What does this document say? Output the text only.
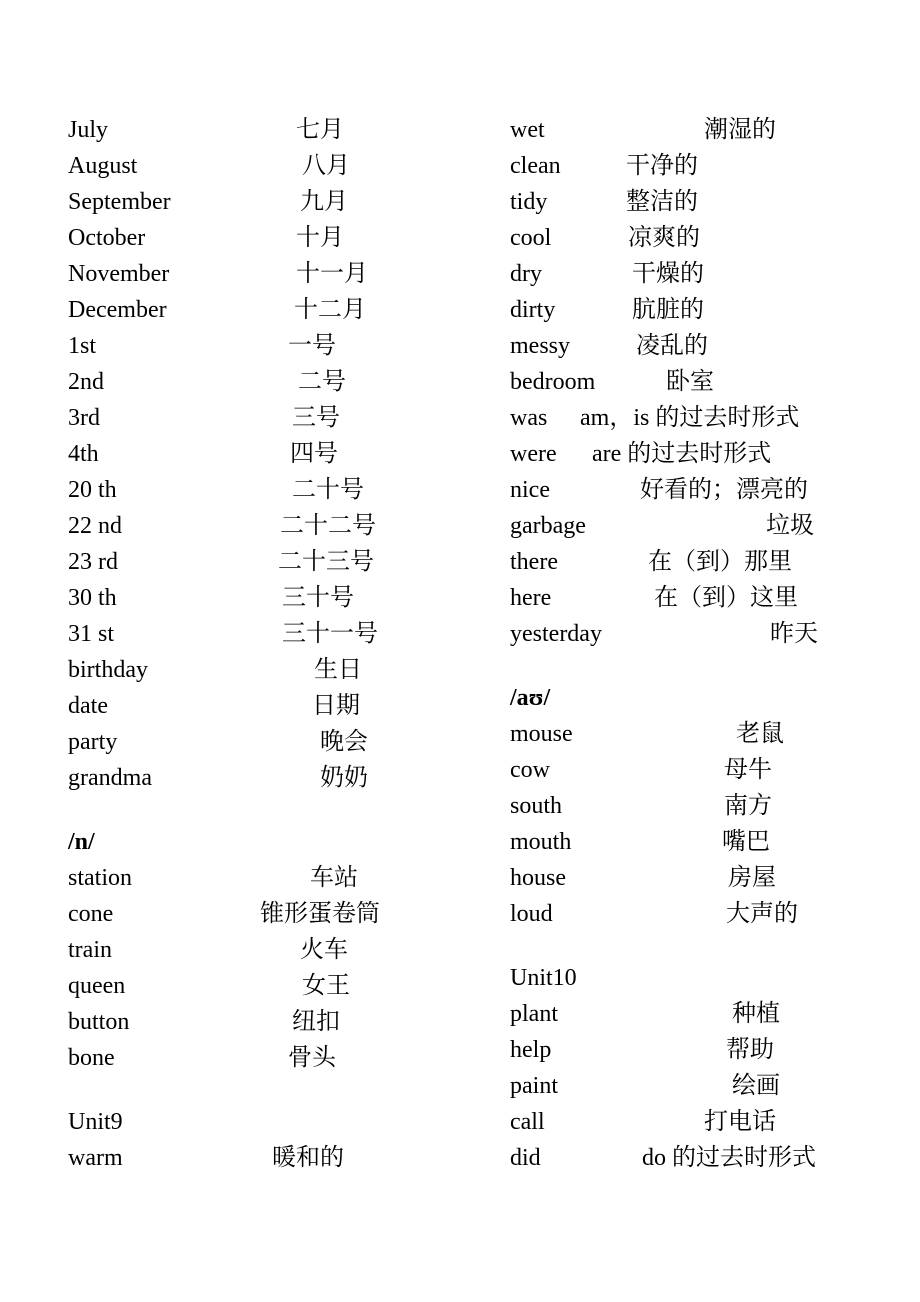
July	七月
August	八月
September	九月
October	十月
November	十一月
December	十二月
1st	一号
2nd	二号
3rd	三号
4th	四号
20 th	二十号
22 nd	二十二号
23 rd	二十三号
30 th	三十号
31 st	三十一号
birthday	生日
date	日期
party	晚会
grandma	奶奶
/n/
station	车站
cone	锥形蛋卷筒
train	火车
queen	女王
button	纽扣
bone	骨头
Unit9
warm	暖和的
wet	潮湿的
clean	干净的
tidy	整洁的
cool	凉爽的
dry	干燥的
dirty	肮脏的
messy	凌乱的
bedroom	卧室
was am，is 的过去时形式
were are 的过去时形式
nice	好看的；漂亮的
garbage	垃圾
there	在（到）那里
here	在（到）这里
yesterday	昨天
/aʊ/
mouse	老鼠
cow	母牛
south	南方
mouth	嘴巴
house	房屋
loud	大声的
Unit10
plant	种植
help	帮助
paint	绘画
call	打电话
did	do 的过去时形式
